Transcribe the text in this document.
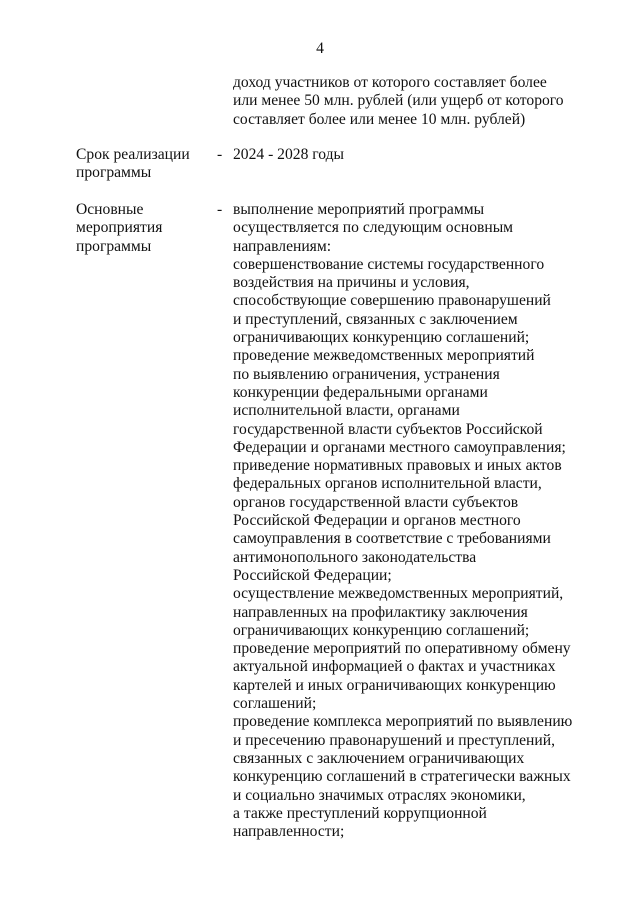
4
доход участников от которого составляет более
или менее 50 млн. рублей (или ущерб от которого
составляет более или менее 10 млн. рублей)
Срок реализации
программы
- 2024 - 2028 годы
Основные
мероприятия
программы
- выполнение мероприятий программы
осуществляется по следующим основным
направлениям:
совершенствование системы государственного
воздействия на причины и условия,
способствующие совершению правонарушений
и преступлений, связанных с заключением
ограничивающих конкуренцию соглашений;
проведение межведомственных мероприятий
по выявлению ограничения, устранения
конкуренции федеральными органами
исполнительной власти, органами
государственной власти субъектов Российской
Федерации и органами местного самоуправления;
приведение нормативных правовых и иных актов
федеральных органов исполнительной власти,
органов государственной власти субъектов
Российской Федерации и органов местного
самоуправления в соответствие с требованиями
антимонопольного законодательства
Российской Федерации;
осуществление межведомственных мероприятий,
направленных на профилактику заключения
ограничивающих конкуренцию соглашений;
проведение мероприятий по оперативному обмену
актуальной информацией о фактах и участниках
картелей и иных ограничивающих конкуренцию
соглашений;
проведение комплекса мероприятий по выявлению
и пресечению правонарушений и преступлений,
связанных с заключением ограничивающих
конкуренцию соглашений в стратегически важных
и социально значимых отраслях экономики,
а также преступлений коррупционной
направленности;
